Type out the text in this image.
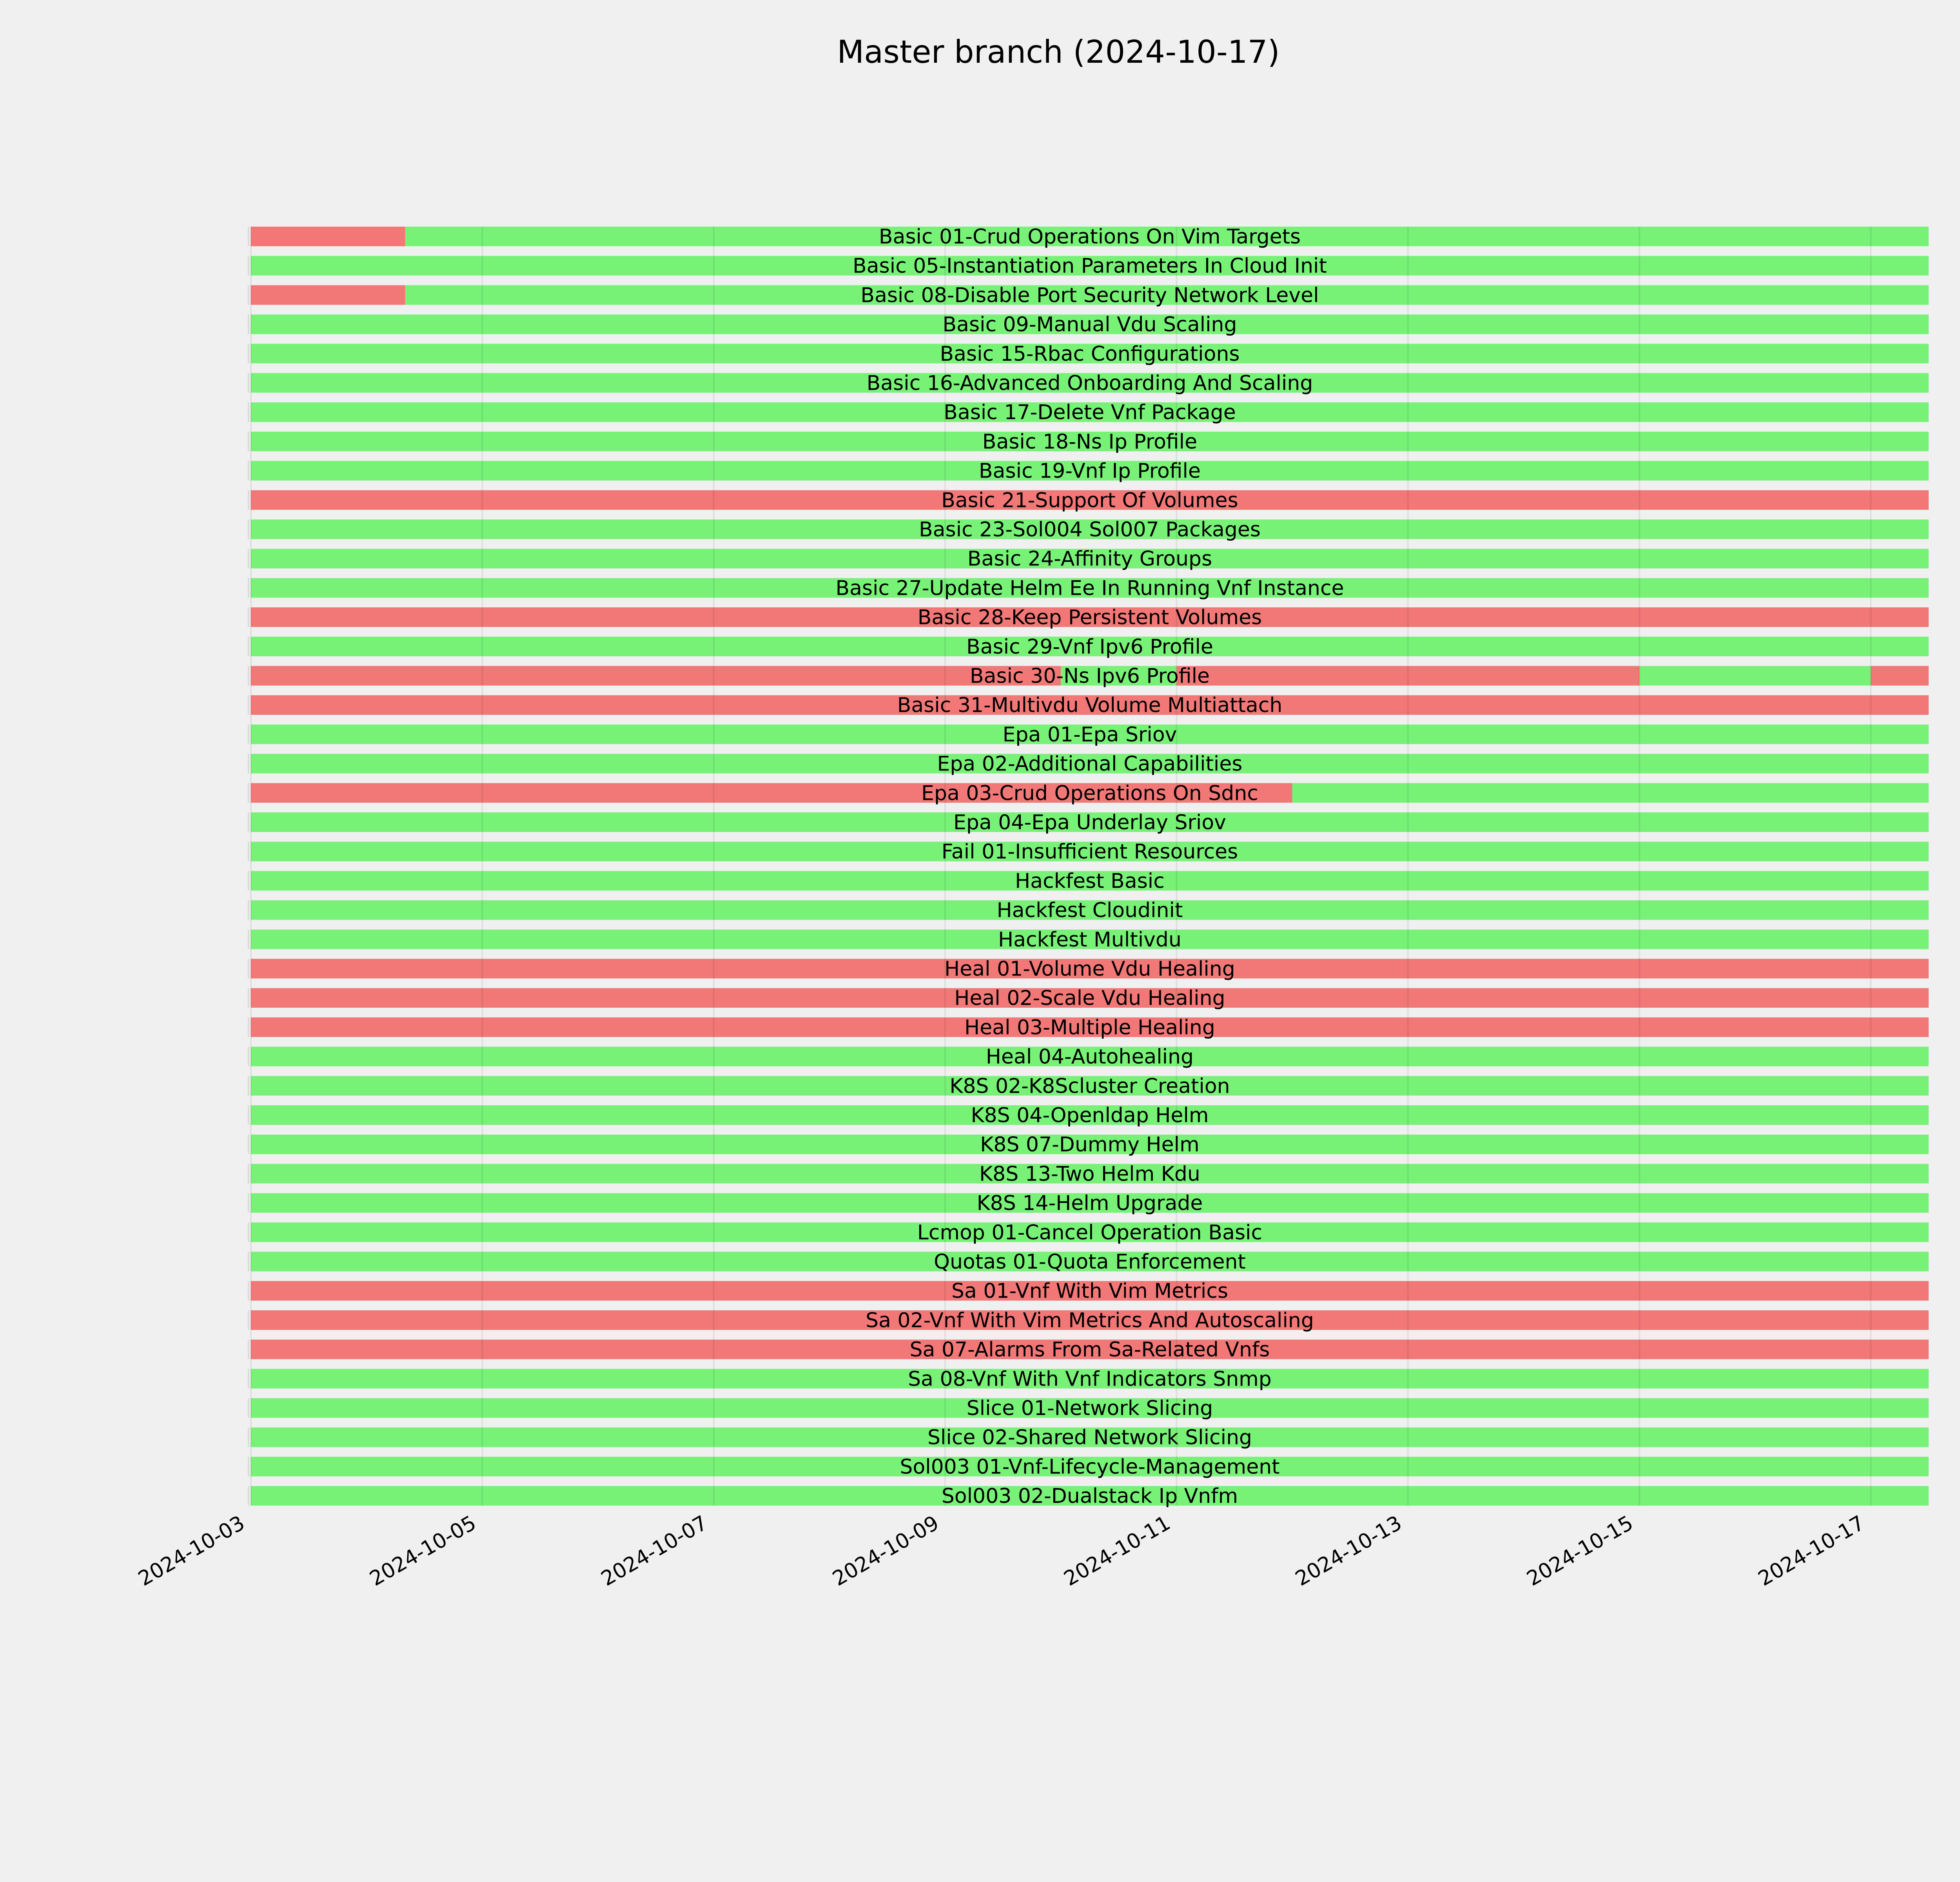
Master branch (2024-10-17)
Basic 01-Crud Operations On Vim Targets
Basic 05-Instantiation Parameters In Cloud Init
Basic 08-Disable Port Security Network Level
Basic 09-Manual Vdu Scaling
Basic 15-Rbac Configurations
Basic 16-Advanced Onboarding And Scaling
Basic 17-Delete Vnf Package
Basic 18-Ns Ip Profile
Basic 19-Vnf Ip Profile
Basic 21-Support Of Volumes
Basic 23-Sol004 Sol007 Packages
Basic 24-Affinity Groups
Basic 27-Update Helm Ee In Running Vnf Instance
Basic 28-Keep Persistent Volumes
Basic 29-Vnf Ipv6 Profile
Basic 30-Ns Ipv6 Profile
Basic 31-Multivdu Volume Multiattach
Epa 01-Epa Sriov
Epa 02-Additional Capabilities
Epa 03-Crud Operations On Sdnc
Epa 04-Epa Underlay Sriov
Fail 01-Insufficient Resources
Hackfest Basic
Hackfest Cloudinit
Hackfest Multivdu
Heal 01-Volume Vdu Healing
Heal 02-Scale Vdu Healing
Heal 03-Multiple Healing
Heal 04-Autohealing
K8S 02-K8Scluster Creation
K8S 04-Openldap Helm
K8S 07-Dummy Helm
K8S 13-Two Helm Kdu
K8S 14-Helm Upgrade
Lcmop 01-Cancel Operation Basic
Quotas 01-Quota Enforcement
Sa 01-Vnf With Vim Metrics
Sa 02-Vnf With Vim Metrics And Autoscaling
Sa 07-Alarms From Sa-Related Vnfs
Sa 08-Vnf With Vnf Indicators Snmp
Slice 01-Network Slicing
Slice 02-Shared Network Slicing
Sol003 01-Vnf-Lifecycle-Management
Sol003 02-Dualstack Ip Vnfm
2024-10-03	2024-10-05	2024-10-07	2024-10-09	2024-10-11	2024-10-13	2024-10-15	2024-10-17
